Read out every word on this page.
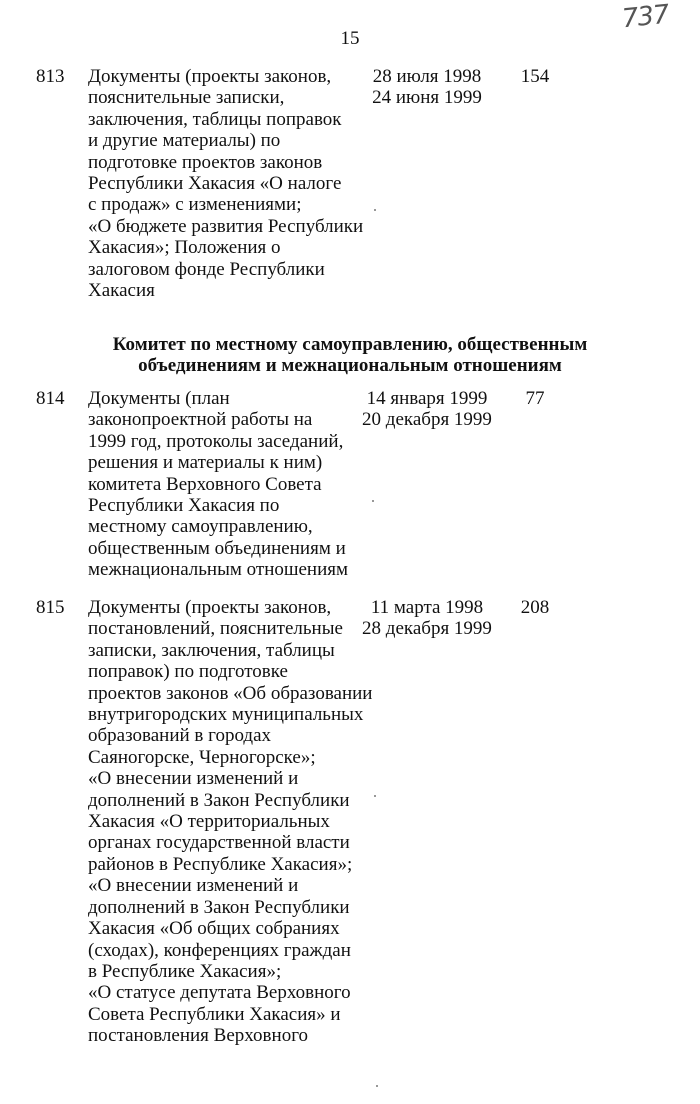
15
737
813 Документы (проекты законов,
пояснительные записки,
заключения, таблицы поправок
и другие материалы) по
подготовке проектов законов
Республики Хакасия «О налоге
с продаж» с изменениями;
«О бюджете развития Республики
Хакасия»; Положения о
залоговом фонде Республики
Хакасия
28 июля 1998
24 июня 1999
154
Комитет по местному самоуправлению, общественным
объединениям и межнациональным отношениям
814 Документы (план
законопроектной работы на
1999 год, протоколы заседаний,
решения и материалы к ним)
комитета Верховного Совета
Республики Хакасия по
местному самоуправлению,
общественным объединениям и
межнациональным отношениям
14 января 1999
20 декабря 1999
77
815 Документы (проекты законов,
постановлений, пояснительные
записки, заключения, таблицы
поправок) по подготовке
проектов законов «Об образовании
внутригородских муниципальных
образований в городах
Саяногорске, Черногорске»;
«О внесении изменений и
дополнений в Закон Республики
Хакасия «О территориальных
органах государственной власти
районов в Республике Хакасия»;
«О внесении изменений и
дополнений в Закон Республики
Хакасия «Об общих собраниях
(сходах), конференциях граждан
в Республике Хакасия»;
«О статусе депутата Верховного
Совета Республики Хакасия» и
постановления Верховного
11 марта 1998
28 декабря 1999
208
